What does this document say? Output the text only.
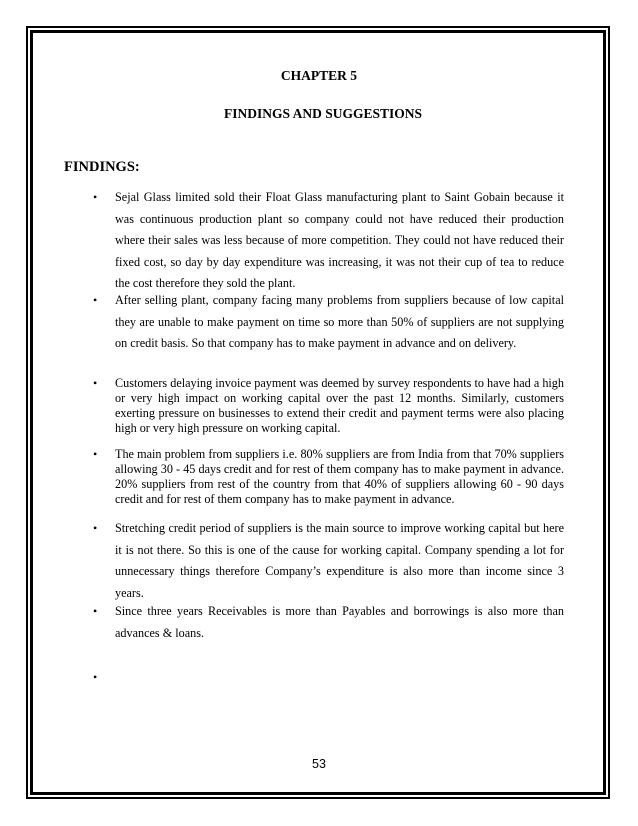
CHAPTER 5
FINDINGS AND SUGGESTIONS
FINDINGS:
• Sejal Glass limited sold their Float Glass manufacturing plant to Saint Gobain because it was continuous production plant so company could not have reduced their production where their sales was less because of more competition. They could not have reduced their fixed cost, so day by day expenditure was increasing, it was not their cup of tea to reduce the cost therefore they sold the plant.
• After selling plant, company facing many problems from suppliers because of low capital they are unable to make payment on time so more than 50% of suppliers are not supplying on credit basis. So that company has to make payment in advance and on delivery.
• Customers delaying invoice payment was deemed by survey respondents to have had a high or very high impact on working capital over the past 12 months. Similarly, customers exerting pressure on businesses to extend their credit and payment terms were also placing high or very high pressure on working capital.
• The main problem from suppliers i.e. 80% suppliers are from India from that 70% suppliers allowing 30 - 45 days credit and for rest of them company has to make payment in advance. 20% suppliers from rest of the country from that 40% of suppliers allowing 60 - 90 days credit and for rest of them company has to make payment in advance.
• Stretching credit period of suppliers is the main source to improve working capital but here it is not there. So this is one of the cause for working capital. Company spending a lot for unnecessary things therefore Company’s expenditure is also more than income since 3 years.
• Since three years Receivables is more than Payables and borrowings is also more than advances & loans.
•
53
